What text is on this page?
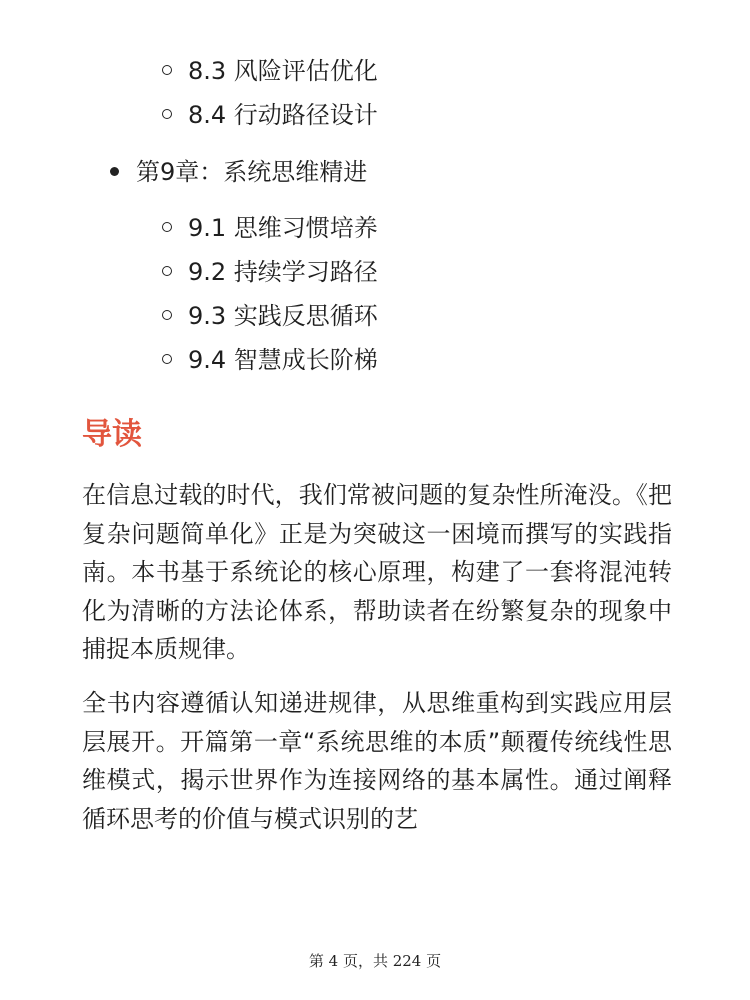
8.3 风险评估优化
8.4 行动路径设计
第9章：系统思维精进
9.1 思维习惯培养
9.2 持续学习路径
9.3 实践反思循环
9.4 智慧成长阶梯
导读

在信息过载的时代，我们常被问题的复杂性所淹没。《把复杂问题简单化》正是为突破这一困境而撰写的实践指南。本书基于系统论的核心原理，构建了一套将混沌转化为清晰的方法论体系，帮助读者在纷繁复杂的现象中捕捉本质规律。

全书内容遵循认知递进规律，从思维重构到实践应用层层展开。开篇第一章“系统思维的本质”颠覆传统线性思维模式，揭示世界作为连接网络的基本属性。通过阐释循环思考的价值与模式识别的艺

第 4 页，共 224 页
